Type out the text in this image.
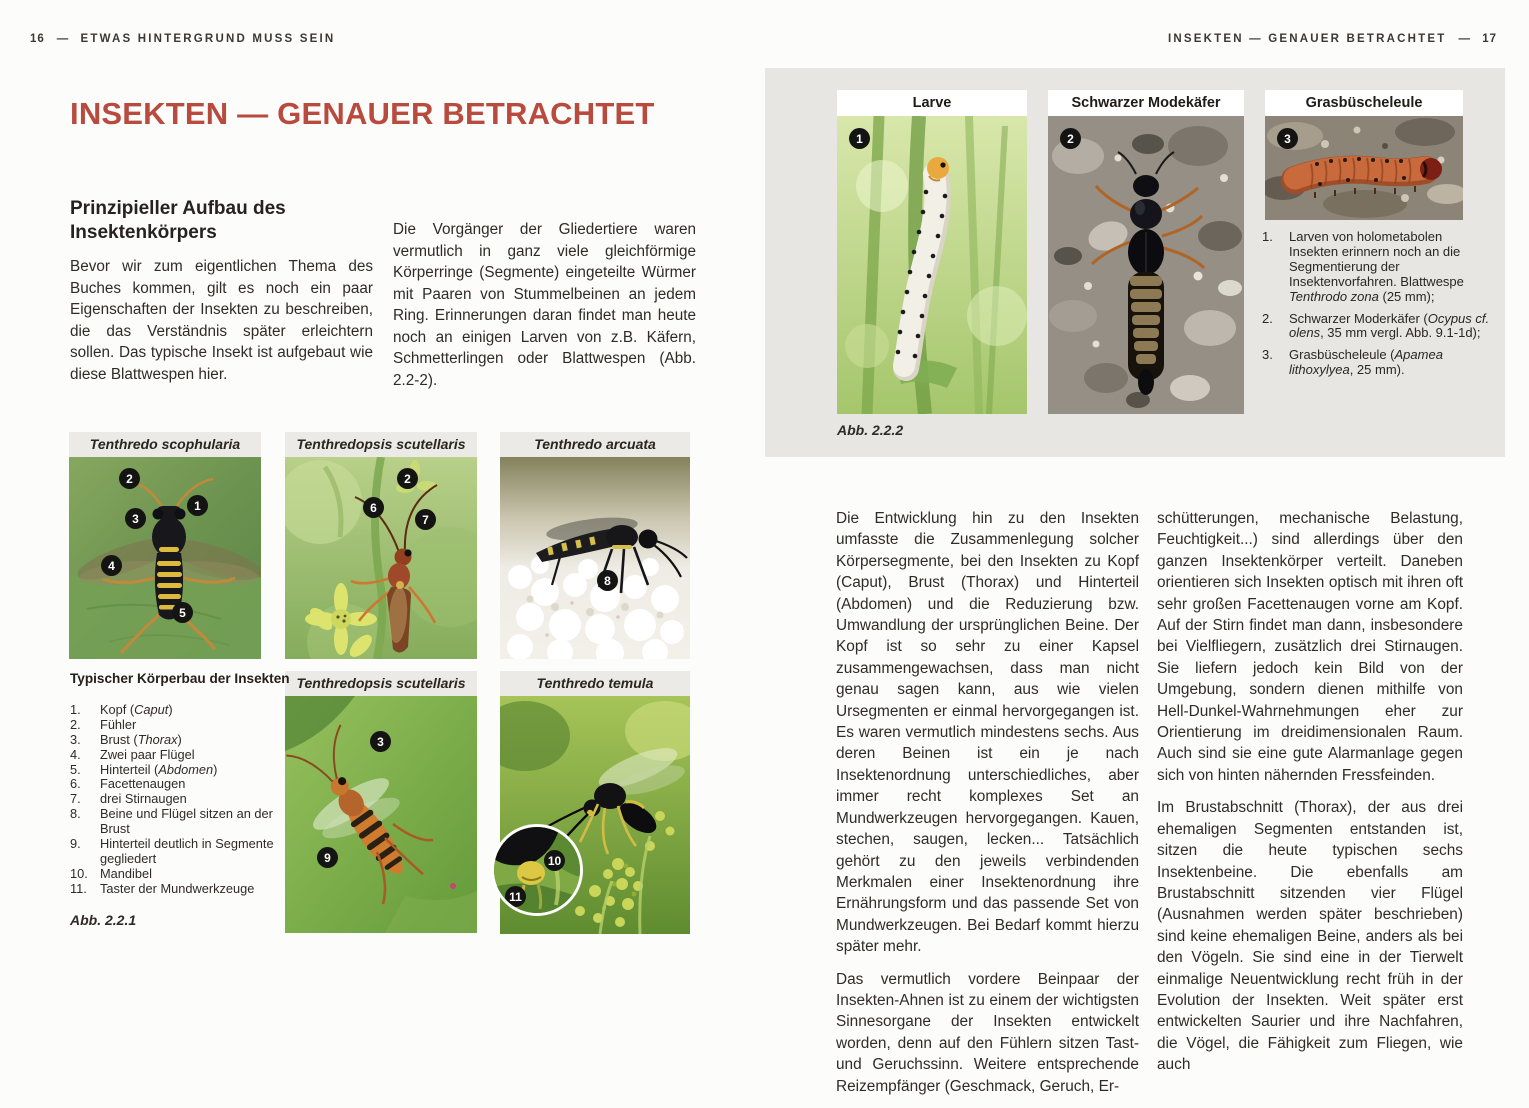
16 — ETWAS HINTERGRUND MUSS SEIN
INSEKTEN — GENAUER BETRACHTET
Prinzipieller Aufbau des Insektenkörpers
Bevor wir zum eigentlichen Thema des Buches kommen, gilt es noch ein paar Eigenschaften der Insekten zu beschreiben, die das Verständnis später erleichtern sollen. Das typische Insekt ist aufgebaut wie diese Blattwespen hier.
Die Vorgänger der Gliedertiere waren vermutlich in ganz viele gleichförmige Körperringe (Segmente) eingeteilte Würmer mit Paaren von Stummelbeinen an jedem Ring. Erinnerungen daran findet man heute noch an einigen Larven von z.B. Käfern, Schmetterlingen oder Blattwespen (Abb. 2.2-2).
Tenthredo scophularia	Tenthredopsis scutellaris	Tenthredo arcuata
2
1
3
4
5
2
6
7
8
Tenthredopsis scutellaris	Tenthredo temula
3
9	10
11
Typischer Körperbau der Insekten
1.	Kopf (Caput)
2.	Fühler
3.	Brust (Thorax)
4.	Zwei paar Flügel
5.	Hinterteil (Abdomen)
6.	Facettenaugen
7.	drei Stirnaugen
8.	Beine und Flügel sitzen an der Brust
9.	Hinterteil deutlich in Segmente gegliedert
10. Mandibel
11.	Taster der Mundwerkzeuge
Abb. 2.2.1
INSEKTEN — GENAUER BETRACHTET — 17
Larve
1
Schwarzer Modekäfer
2
Grasbüscheleule
3
1.	Larven von holometabolen Insekten erinnern noch an die Segmentierung der Insektenvorfahren. Blattwespe Tenthrodo zona (25 mm);
2.	Schwarzer Moderkäfer (Ocypus cf. olens, 35 mm vergl. Abb. 9.1-1d);
3.	Grasbüscheleule (Apamea lithoxylyea, 25 mm).
Abb. 2.2.2

Die Entwicklung hin zu den Insekten umfasste die Zusammenlegung solcher Körpersegmente, bei den Insekten zu Kopf (Caput), Brust (Thorax) und Hinterteil (Abdomen) und die Reduzierung bzw. Umwandlung der ursprünglichen Beine. Der Kopf ist so sehr zu einer Kapsel zusammengewachsen, dass man nicht genau sagen kann, aus wie vielen Ursegmenten er einmal hervorgegangen ist. Es waren vermutlich mindestens sechs. Aus deren Beinen ist ein je nach Insektenordnung unterschiedliches, aber immer recht komplexes Set an Mundwerkzeugen hervorgegangen. Kauen, stechen, saugen, lecken... Tatsächlich gehört zu den jeweils verbindenden Merkmalen einer Insektenordnung ihre Ernährungsform und das passende Set von Mundwerkzeugen. Bei Bedarf kommt hierzu später mehr.

Das vermutlich vordere Beinpaar der Insekten-Ahnen ist zu einem der wichtigsten Sinnesorgane der Insekten entwickelt worden, denn auf den Fühlern sitzen Tast- und Geruchssinn. Weitere entsprechende Reizempfänger (Geschmack, Geruch, Er-

schütterungen, mechanische Belastung, Feuchtigkeit...) sind allerdings über den ganzen Insektenkörper verteilt. Daneben orientieren sich Insekten optisch mit ihren oft sehr großen Facettenaugen vorne am Kopf. Auf der Stirn findet man dann, insbesondere bei Vielfliegern, zusätzlich drei Stirnaugen. Sie liefern jedoch kein Bild von der Umgebung, sondern dienen mithilfe von Hell-Dunkel-Wahrnehmungen eher zur Orientierung im dreidimensionalen Raum. Auch sind sie eine gute Alarmanlage gegen sich von hinten nähernden Fressfeinden.

Im Brustabschnitt (Thorax), der aus drei ehemaligen Segmenten entstanden ist, sitzen die heute typischen sechs Insektenbeine. Die ebenfalls am Brustabschnitt sitzenden vier Flügel (Ausnahmen werden später beschrieben) sind keine ehemaligen Beine, anders als bei den Vögeln. Sie sind eine in der Tierwelt einmalige Neuentwicklung recht früh in der Evolution der Insekten. Weit später erst entwickelten Saurier und ihre Nachfahren, die Vögel, die Fähigkeit zum Fliegen, wie auch
